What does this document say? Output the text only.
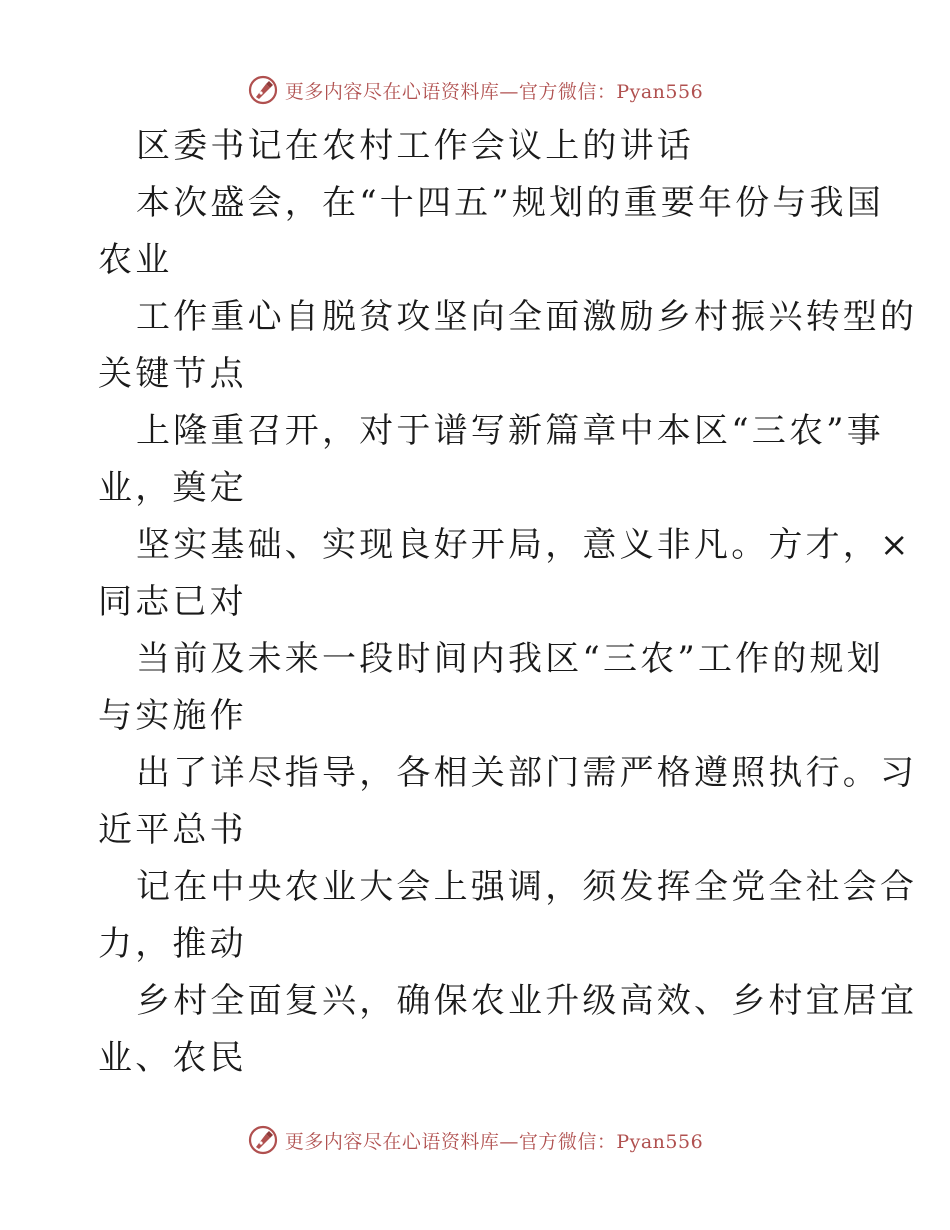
更多内容尽在心语资料库—官方微信：Pyan556
区委书记在农村工作会议上的讲话
本次盛会，在“十四五”规划的重要年份与我国
农业
工作重心自脱贫攻坚向全面激励乡村振兴转型的
关键节点
上隆重召开，对于谱写新篇章中本区“三农”事
业，奠定
坚实基础、实现良好开局，意义非凡。方才，×
同志已对
当前及未来一段时间内我区“三农”工作的规划
与实施作
出了详尽指导，各相关部门需严格遵照执行。习
近平总书
记在中央农业大会上强调，须发挥全党全社会合
力，推动
乡村全面复兴，确保农业升级高效、乡村宜居宜
业、农民
更多内容尽在心语资料库—官方微信：Pyan556
